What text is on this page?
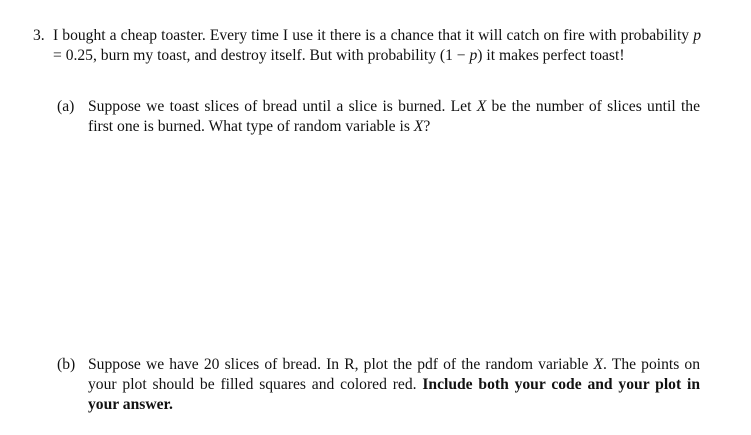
3. I bought a cheap toaster. Every time I use it there is a chance that it will catch on fire with probability p = 0.25, burn my toast, and destroy itself. But with probability (1 − p) it makes perfect toast!
(a) Suppose we toast slices of bread until a slice is burned. Let X be the number of slices until the first one is burned. What type of random variable is X?
(b) Suppose we have 20 slices of bread. In R, plot the pdf of the random variable X. The points on your plot should be filled squares and colored red. Include both your code and your plot in your answer.
